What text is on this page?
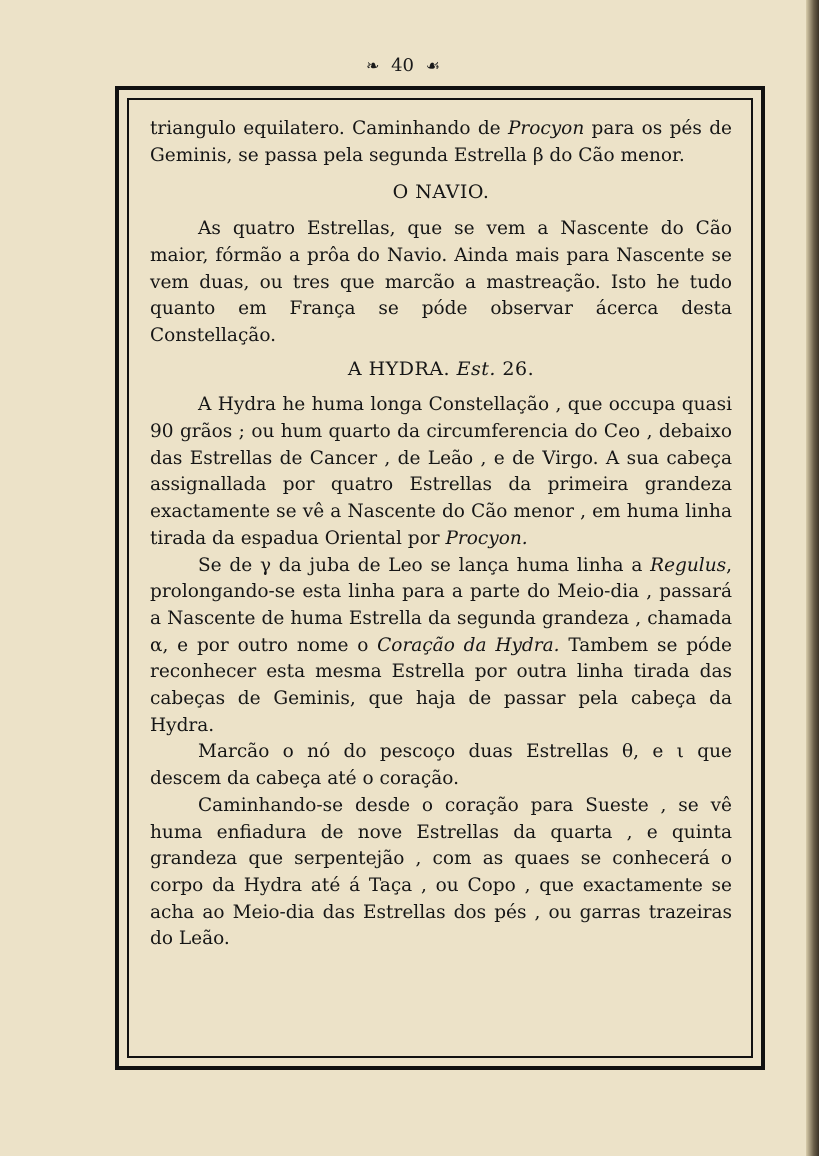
❧ 40 ☙

triangulo equilatero. Caminhando de Procyon para os pés de Geminis, se passa pela segunda Estrella β do Cão menor.

O NAVIO.

As quatro Estrellas, que se vem a Nascente do Cão maior, fórmão a prôa do Navio. Ainda mais para Nascente se vem duas, ou tres que marcão a mastreação. Isto he tudo quanto em França se póde observar ácerca desta Constellação.

A HYDRA. Est. 26.

A Hydra he huma longa Constellação , que occupa quasi 90 grãos ; ou hum quarto da circumferencia do Ceo , debaixo das Estrellas de Cancer , de Leão , e de Virgo. A sua cabeça assignallada por quatro Estrellas da primeira grandeza exactamente se vê a Nascente do Cão menor , em huma linha tirada da espadua Oriental por Procyon.

Se de γ da juba de Leo se lança huma linha a Regulus, prolongando-se esta linha para a parte do Meio-dia , passará a Nascente de huma Estrella da segunda grandeza , chamada α, e por outro nome o Coração da Hydra. Tambem se póde reconhecer esta mesma Estrella por outra linha tirada das cabeças de Geminis, que haja de passar pela cabeça da Hydra.

Marcão o nó do pescoço duas Estrellas θ, e ι que descem da cabeça até o coração.

Caminhando-se desde o coração para Sueste , se vê huma enfiadura de nove Estrellas da quarta , e quinta grandeza que serpentejão , com as quaes se conhecerá o corpo da Hydra até á Taça , ou Copo , que exactamente se acha ao Meio-dia das Estrellas dos pés , ou garras trazeiras do Leão.
